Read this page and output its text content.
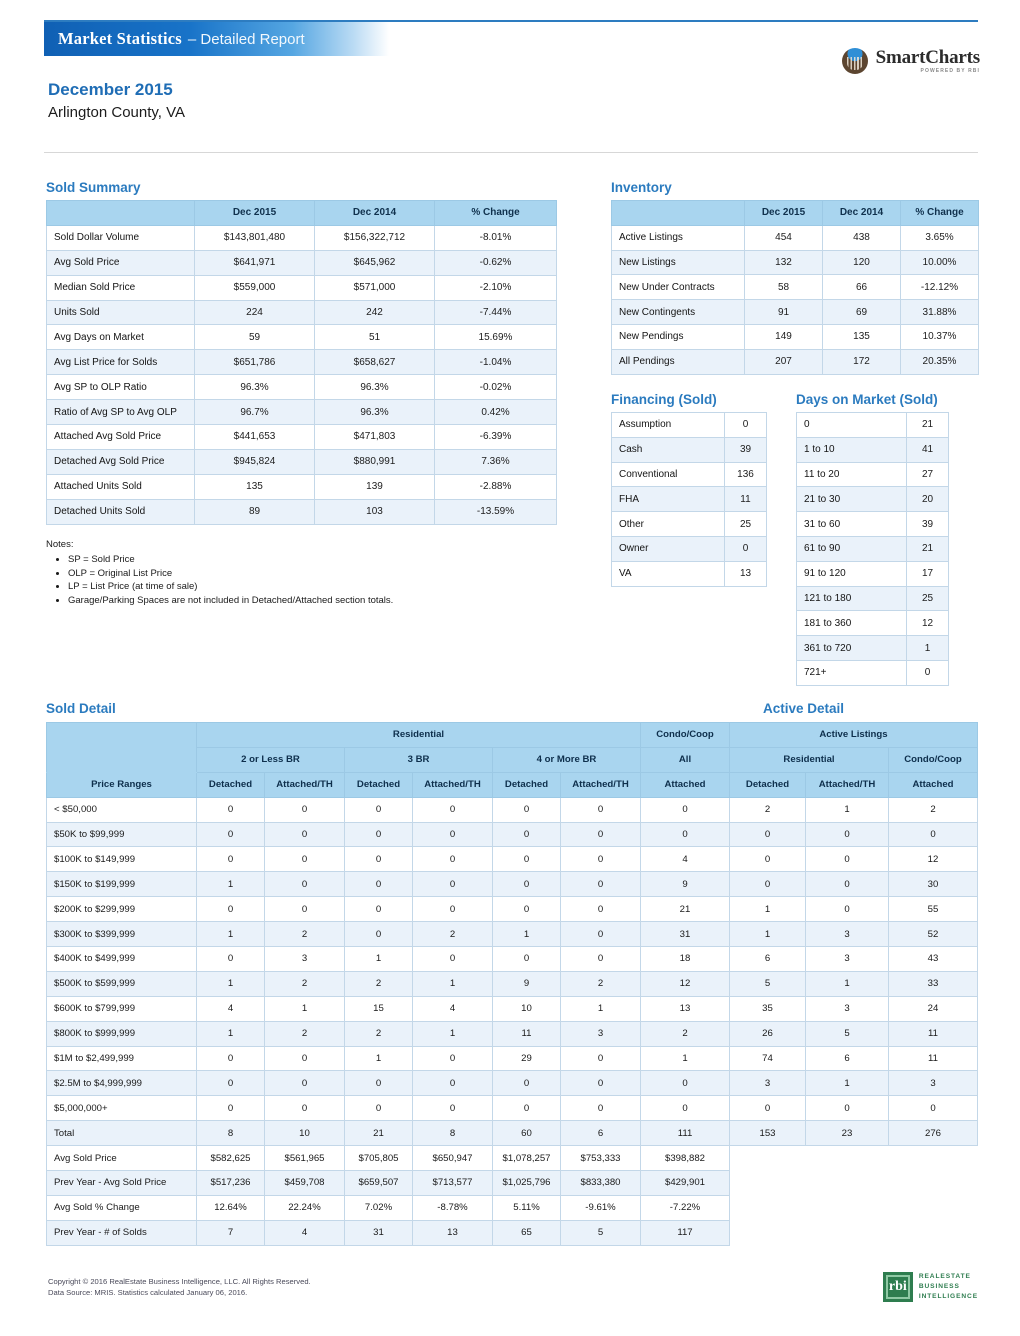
Market Statistics – Detailed Report
SmartCharts
POWERED BY RBI
December 2015
Arlington County, VA
Sold Summary
	Dec 2015	Dec 2014	% Change
Sold Dollar Volume	$143,801,480	$156,322,712	-8.01%
Avg Sold Price	$641,971	$645,962	-0.62%
Median Sold Price	$559,000	$571,000	-2.10%
Units Sold	224	242	-7.44%
Avg Days on Market	59	51	15.69%
Avg List Price for Solds	$651,786	$658,627	-1.04%
Avg SP to OLP Ratio	96.3%	96.3%	-0.02%
Ratio of Avg SP to Avg OLP	96.7%	96.3%	0.42%
Attached Avg Sold Price	$441,653	$471,803	-6.39%
Detached Avg Sold Price	$945,824	$880,991	7.36%
Attached Units Sold	135	139	-2.88%
Detached Units Sold	89	103	-13.59%
Notes:
• SP = Sold Price
• OLP = Original List Price
• LP = List Price (at time of sale)
• Garage/Parking Spaces are not included in Detached/Attached section totals.
Inventory
	Dec 2015	Dec 2014	% Change
Active Listings	454	438	3.65%
New Listings	132	120	10.00%
New Under Contracts	58	66	-12.12%
New Contingents	91	69	31.88%
New Pendings	149	135	10.37%
All Pendings	207	172	20.35%
Financing (Sold)
Assumption	0
Cash	39
Conventional	136
FHA	11
Other	25
Owner	0
VA	13
Days on Market (Sold)
0	21
1 to 10	41
11 to 20	27
21 to 30	20
31 to 60	39
61 to 90	21
91 to 120	17
121 to 180	25
181 to 360	12
361 to 720	1
721+	0
Sold Detail	Active Detail
	Residential						Condo/Coop	Active Listings		
	2 or Less BR		3 BR		4 or More BR		All	Residential		Condo/Coop
Price Ranges	Detached	Attached/TH	Detached	Attached/TH	Detached	Attached/TH	Attached	Detached	Attached/TH	Attached
< $50,000	0	0	0	0	0	0	0	2	1	2
$50K to $99,999	0	0	0	0	0	0	0	0	0	0
$100K to $149,999	0	0	0	0	0	0	4	0	0	12
$150K to $199,999	1	0	0	0	0	0	9	0	0	30
$200K to $299,999	0	0	0	0	0	0	21	1	0	55
$300K to $399,999	1	2	0	2	1	0	31	1	3	52
$400K to $499,999	0	3	1	0	0	0	18	6	3	43
$500K to $599,999	1	2	2	1	9	2	12	5	1	33
$600K to $799,999	4	1	15	4	10	1	13	35	3	24
$800K to $999,999	1	2	2	1	11	3	2	26	5	11
$1M to $2,499,999	0	0	1	0	29	0	1	74	6	11
$2.5M to $4,999,999	0	0	0	0	0	0	0	3	1	3
$5,000,000+	0	0	0	0	0	0	0	0	0	0
Total	8	10	21	8	60	6	111	153	23	276
Avg Sold Price	$582,625	$561,965	$705,805	$650,947	$1,078,257	$753,333	$398,882			
Prev Year - Avg Sold Price	$517,236	$459,708	$659,507	$713,577	$1,025,796	$833,380	$429,901			
Avg Sold % Change	12.64%	22.24%	7.02%	-8.78%	5.11%	-9.61%	-7.22%			
Prev Year - # of Solds	7	4	31	13	65	5	117			
Copyright © 2016 RealEstate Business Intelligence, LLC. All Rights Reserved.
Data Source: MRIS. Statistics calculated January 06, 2016.
rbi
REALESTATE
BUSINESS
INTELLIGENCE
